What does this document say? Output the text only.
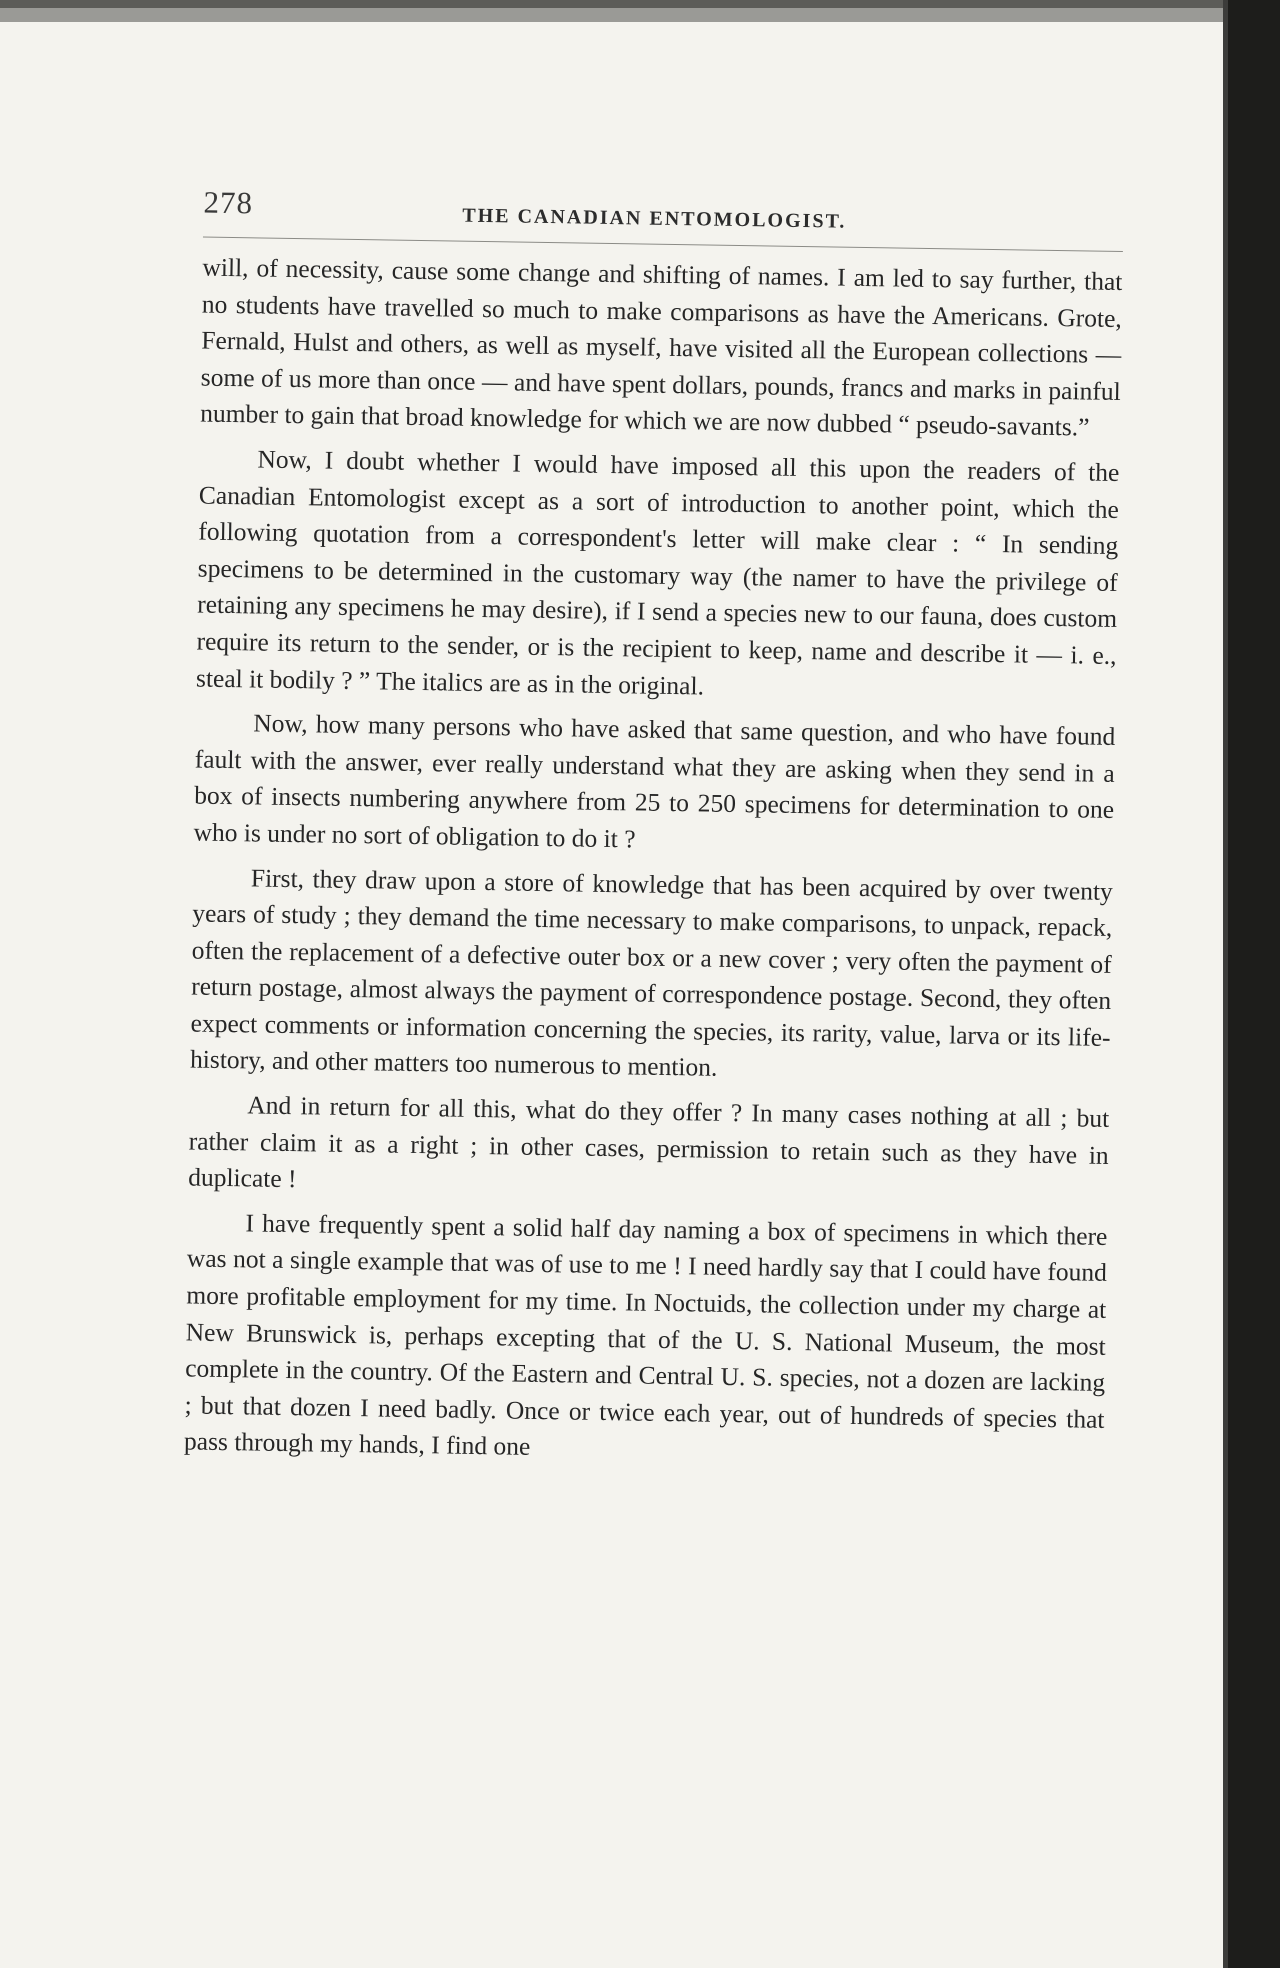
278	THE CANADIAN ENTOMOLOGIST.

will, of necessity, cause some change and shifting of names. I am led to say further, that no students have travelled so much to make comparisons as have the Americans. Grote, Fernald, Hulst and others, as well as myself, have visited all the European collections — some of us more than once — and have spent dollars, pounds, francs and marks in painful number to gain that broad knowledge for which we are now dubbed “ pseudo-savants.”

Now, I doubt whether I would have imposed all this upon the readers of the Canadian Entomologist except as a sort of introduction to another point, which the following quotation from a correspondent's letter will make clear : “ In sending specimens to be determined in the customary way (the namer to have the privilege of retaining any specimens he may desire), if I send a species new to our fauna, does custom require its return to the sender, or is the recipient to keep, name and describe it — i. e., steal it bodily ? ” The italics are as in the original.

Now, how many persons who have asked that same question, and who have found fault with the answer, ever really understand what they are asking when they send in a box of insects numbering anywhere from 25 to 250 specimens for determination to one who is under no sort of obligation to do it ?

First, they draw upon a store of knowledge that has been acquired by over twenty years of study ; they demand the time necessary to make comparisons, to unpack, repack, often the replacement of a defective outer box or a new cover ; very often the payment of return postage, almost always the payment of correspondence postage. Second, they often expect comments or information concerning the species, its rarity, value, larva or its life-history, and other matters too numerous to mention.

And in return for all this, what do they offer ? In many cases nothing at all ; but rather claim it as a right ; in other cases, permission to retain such as they have in duplicate !

I have frequently spent a solid half day naming a box of specimens in which there was not a single example that was of use to me ! I need hardly say that I could have found more profitable employment for my time. In Noctuids, the collection under my charge at New Brunswick is, perhaps excepting that of the U. S. National Museum, the most complete in the country. Of the Eastern and Central U. S. species, not a dozen are lacking ; but that dozen I need badly. Once or twice each year, out of hundreds of species that pass through my hands, I find one
